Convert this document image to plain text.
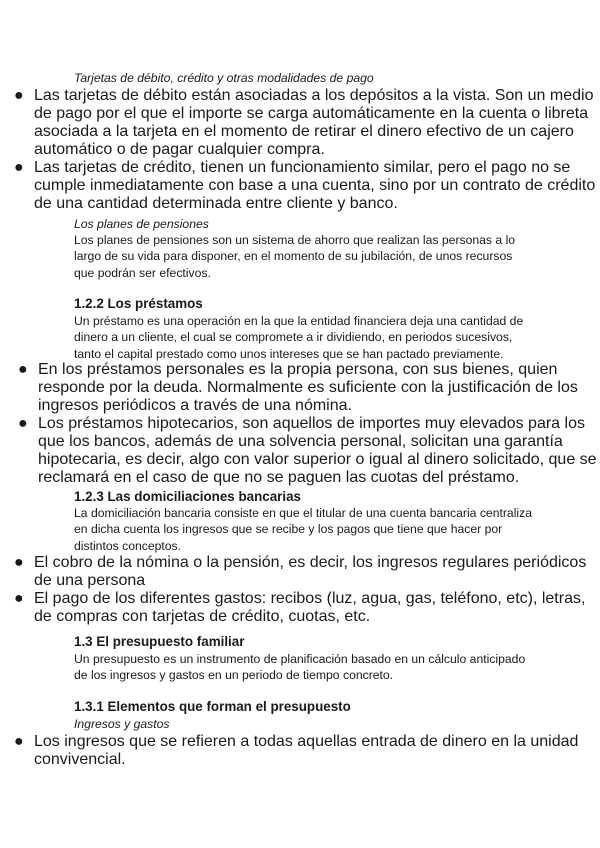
Tarjetas de débito, crédito y otras modalidades de pago
● Las tarjetas de débito están asociadas a los depósitos a la vista. Son un medio de pago por el que el importe se carga automáticamente en la cuenta o libreta asociada a la tarjeta en el momento de retirar el dinero efectivo de un cajero automático o de pagar cualquier compra.
● Las tarjetas de crédito, tienen un funcionamiento similar, pero el pago no se cumple inmediatamente con base a una cuenta, sino por un contrato de crédito de una cantidad determinada entre cliente y banco.
Los planes de pensiones
Los planes de pensiones son un sistema de ahorro que realizan las personas a lo largo de su vida para disponer, en el momento de su jubilación, de unos recursos que podrán ser efectivos.
1.2.2 Los préstamos
Un préstamo es una operación en la que la entidad financiera deja una cantidad de dinero a un cliente, el cual se compromete a ir dividiendo, en periodos sucesivos, tanto el capital prestado como unos intereses que se han pactado previamente.
● En los préstamos personales es la propia persona, con sus bienes, quien responde por la deuda. Normalmente es suficiente con la justificación de los ingresos periódicos a través de una nómina.
● Los préstamos hipotecarios, son aquellos de importes muy elevados para los que los bancos, además de una solvencia personal, solicitan una garantía hipotecaria, es decir, algo con valor superior o igual al dinero solicitado, que se reclamará en el caso de que no se paguen las cuotas del préstamo.
1.2.3 Las domiciliaciones bancarias
La domiciliación bancaria consiste en que el titular de una cuenta bancaria centraliza en dicha cuenta los ingresos que se recibe y los pagos que tiene que hacer por distintos conceptos.
● El cobro de la nómina o la pensión, es decir, los ingresos regulares periódicos de una persona
● El pago de los diferentes gastos: recibos (luz, agua, gas, teléfono, etc), letras, de compras con tarjetas de crédito, cuotas, etc.
1.3 El presupuesto familiar
Un presupuesto es un instrumento de planificación basado en un cálculo anticipado de los ingresos y gastos en un periodo de tiempo concreto.
1.3.1 Elementos que forman el presupuesto
Ingresos y gastos
● Los ingresos que se refieren a todas aquellas entrada de dinero en la unidad convivencial.
